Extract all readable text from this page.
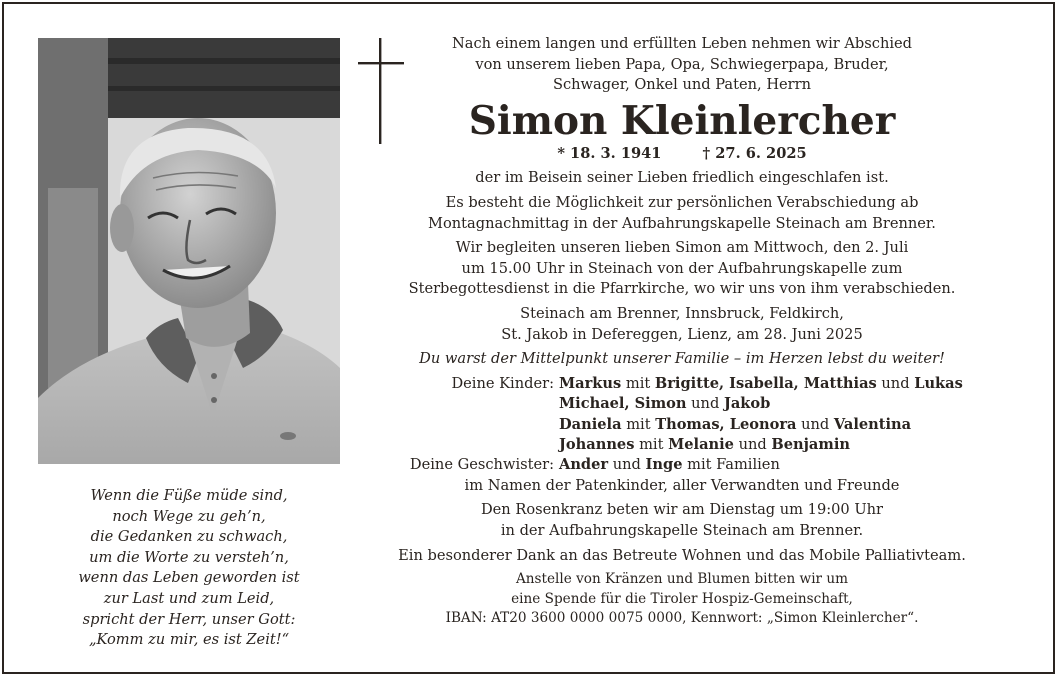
Wenn die Füße müde sind,
noch Wege zu geh’n,
die Gedanken zu schwach,
um die Worte zu versteh’n,
wenn das Leben geworden ist
zur Last und zum Leid,
spricht der Herr, unser Gott:
„Komm zu mir, es ist Zeit!“
Nach einem langen und erfüllten Leben nehmen wir Abschied
von unserem lieben Papa, Opa, Schwiegerpapa, Bruder,
Schwager, Onkel und Paten, Herrn
Simon Kleinlercher
* 18. 3. 1941	† 27. 6. 2025
der im Beisein seiner Lieben friedlich eingeschlafen ist.
Es besteht die Möglichkeit zur persönlichen Verabschiedung ab
Montagnachmittag in der Aufbahrungskapelle Steinach am Brenner.
Wir begleiten unseren lieben Simon am Mittwoch, den 2. Juli
um 15.00 Uhr in Steinach von der Aufbahrungskapelle zum
Sterbegottesdienst in die Pfarrkirche, wo wir uns von ihm verabschieden.
Steinach am Brenner, Innsbruck, Feldkirch,
St. Jakob in Defereggen, Lienz, am 28. Juni 2025
Du warst der Mittelpunkt unserer Familie – im Herzen lebst du weiter!
Deine Kinder: Markus mit Brigitte, Isabella, Matthias und Lukas
Michael, Simon und Jakob
Daniela mit Thomas, Leonora und Valentina
Johannes mit Melanie und Benjamin
Deine Geschwister: Ander und Inge mit Familien
im Namen der Patenkinder, aller Verwandten und Freunde
Den Rosenkranz beten wir am Dienstag um 19:00 Uhr
in der Aufbahrungskapelle Steinach am Brenner.
Ein besonderer Dank an das Betreute Wohnen und das Mobile Palliativteam.
Anstelle von Kränzen und Blumen bitten wir um
eine Spende für die Tiroler Hospiz-Gemeinschaft,
IBAN: AT20 3600 0000 0075 0000, Kennwort: „Simon Kleinlercher“.
